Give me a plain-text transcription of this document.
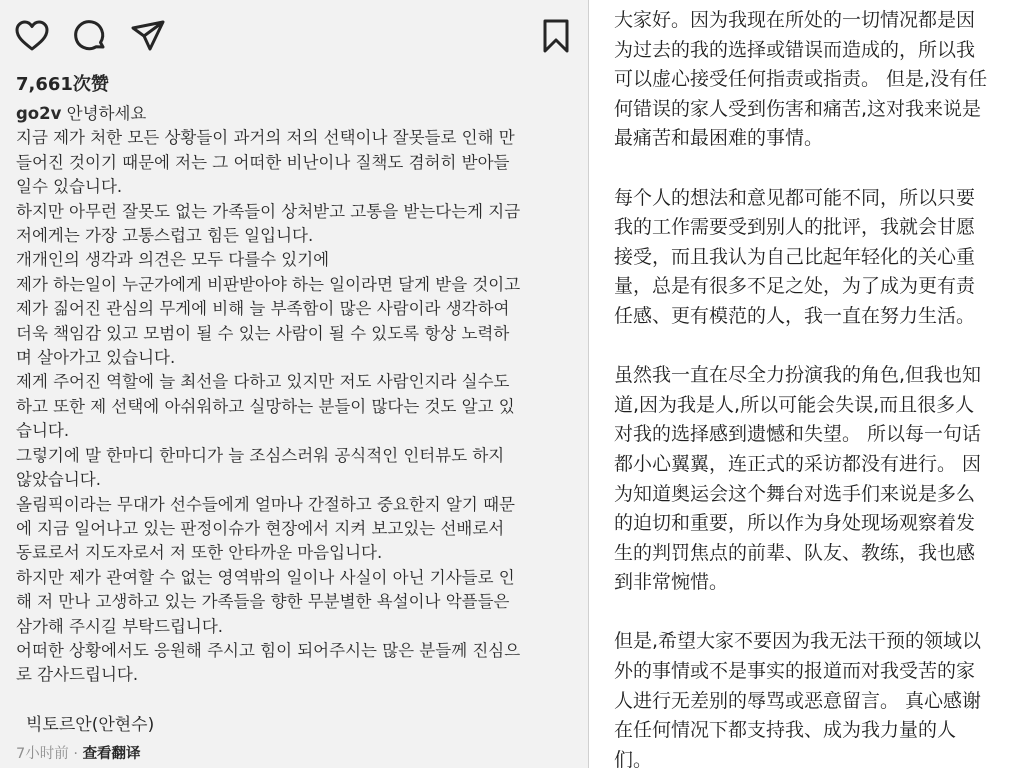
7,661次赞
go2v 안녕하세요
지금 제가 처한 모든 상황들이 과거의 저의 선택이나 잘못들로 인해 만
들어진 것이기 때문에 저는 그 어떠한 비난이나 질책도 겸허히 받아들
일수 있습니다.
하지만 아무런 잘못도 없는 가족들이 상처받고 고통을 받는다는게 지금
저에게는 가장 고통스럽고 힘든 일입니다.
개개인의 생각과 의견은 모두 다를수 있기에
제가 하는일이 누군가에게 비판받아야 하는 일이라면 달게 받을 것이고
제가 짊어진 관심의 무게에 비해 늘 부족함이 많은 사람이라 생각하여
더욱 책임감 있고 모범이 될 수 있는 사람이 될 수 있도록 항상 노력하
며 살아가고 있습니다.
제게 주어진 역할에 늘 최선을 다하고 있지만 저도 사람인지라 실수도
하고 또한 제 선택에 아쉬워하고 실망하는 분들이 많다는 것도 알고 있
습니다.
그렇기에 말 한마디 한마디가 늘 조심스러워 공식적인 인터뷰도 하지
않았습니다.
올림픽이라는 무대가 선수들에게 얼마나 간절하고 중요한지 알기 때문
에 지금 일어나고 있는 판정이슈가 현장에서 지켜 보고있는 선배로서
동료로서 지도자로서 저 또한 안타까운 마음입니다.
하지만 제가 관여할 수 없는 영역밖의 일이나 사실이 아닌 기사들로 인
해 저 만나 고생하고 있는 가족들을 향한 무분별한 욕설이나 악플들은
삼가해 주시길 부탁드립니다.
어떠한 상황에서도 응원해 주시고 힘이 되어주시는 많은 분들께 진심으
로 감사드립니다.
빅토르안(안현수)
7小时前 · 查看翻译
大家好。因为我现在所处的一切情况都是因
为过去的我的选择或错误而造成的，所以我
可以虚心接受任何指责或指责。 但是,没有任
何错误的家人受到伤害和痛苦,这对我来说是
最痛苦和最困难的事情。
每个人的想法和意见都可能不同，所以只要
我的工作需要受到别人的批评，我就会甘愿
接受，而且我认为自己比起年轻化的关心重
量，总是有很多不足之处，为了成为更有责
任感、更有模范的人，我一直在努力生活。
虽然我一直在尽全力扮演我的角色,但我也知
道,因为我是人,所以可能会失误,而且很多人
对我的选择感到遗憾和失望。 所以每一句话
都小心翼翼，连正式的采访都没有进行。 因
为知道奥运会这个舞台对选手们来说是多么
的迫切和重要，所以作为身处现场观察着发
生的判罚焦点的前辈、队友、教练，我也感
到非常惋惜。
但是,希望大家不要因为我无法干预的领域以
外的事情或不是事实的报道而对我受苦的家
人进行无差别的辱骂或恶意留言。 真心感谢
在任何情况下都支持我、成为我力量的人
们。
